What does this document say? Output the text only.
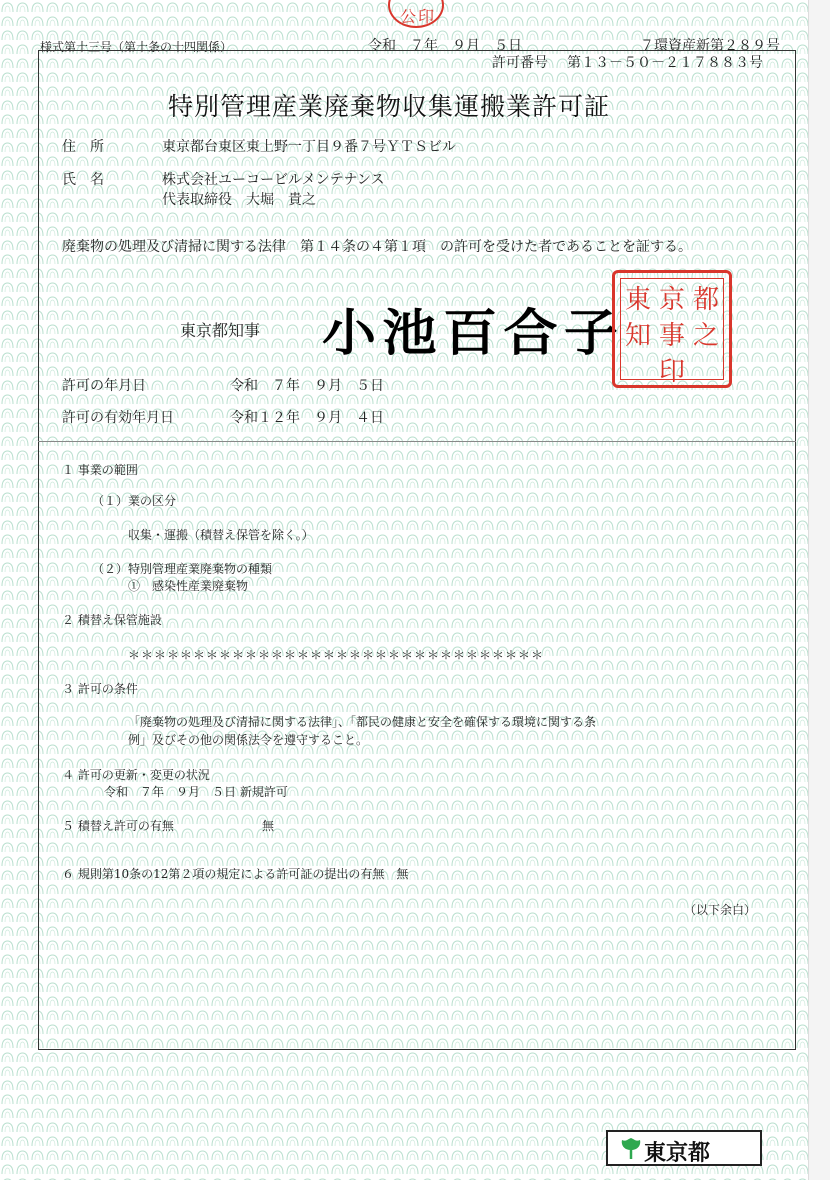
公 印
様式第十三号（第十条の十四関係）	令和　７年　９月　５日	７環資産新第２８９号
許可番号 第１３－５０－２１７８８３号
特別管理産業廃棄物収集運搬業許可証
住　所	東京都台東区東上野一丁目９番７号ＹＴＳビル
氏　名	株式会社ユーコービルメンテナンス
代表取締役　大堀　貴之
廃棄物の処理及び清掃に関する法律　第１４条の４第１項　の許可を受けた者であることを証する。
東京都知事 小池百合子
東 京 都
知 事 之
印
許可の年月日	令和　７年　９月　５日
許可の有効年月日	令和１２年　９月　４日
１ 事業の範囲
（１）業の区分
収集・運搬（積替え保管を除く。）
（２）特別管理産業廃棄物の種類
①　感染性産業廃棄物
２ 積替え保管施設
＊＊＊＊＊＊＊＊＊＊＊＊＊＊＊＊＊＊＊＊＊＊＊＊＊＊＊＊＊＊＊＊
３ 許可の条件
「廃棄物の処理及び清掃に関する法律」、「都民の健康と安全を確保する環境に関する条
例」及びその他の関係法令を遵守すること。
４ 許可の更新・変更の状況
令和　７年　９月　５日 新規許可
５ 積替え許可の有無	無
６ 規則第10条の12第２項の規定による許可証の提出の有無　無
（以下余白）
東京都
